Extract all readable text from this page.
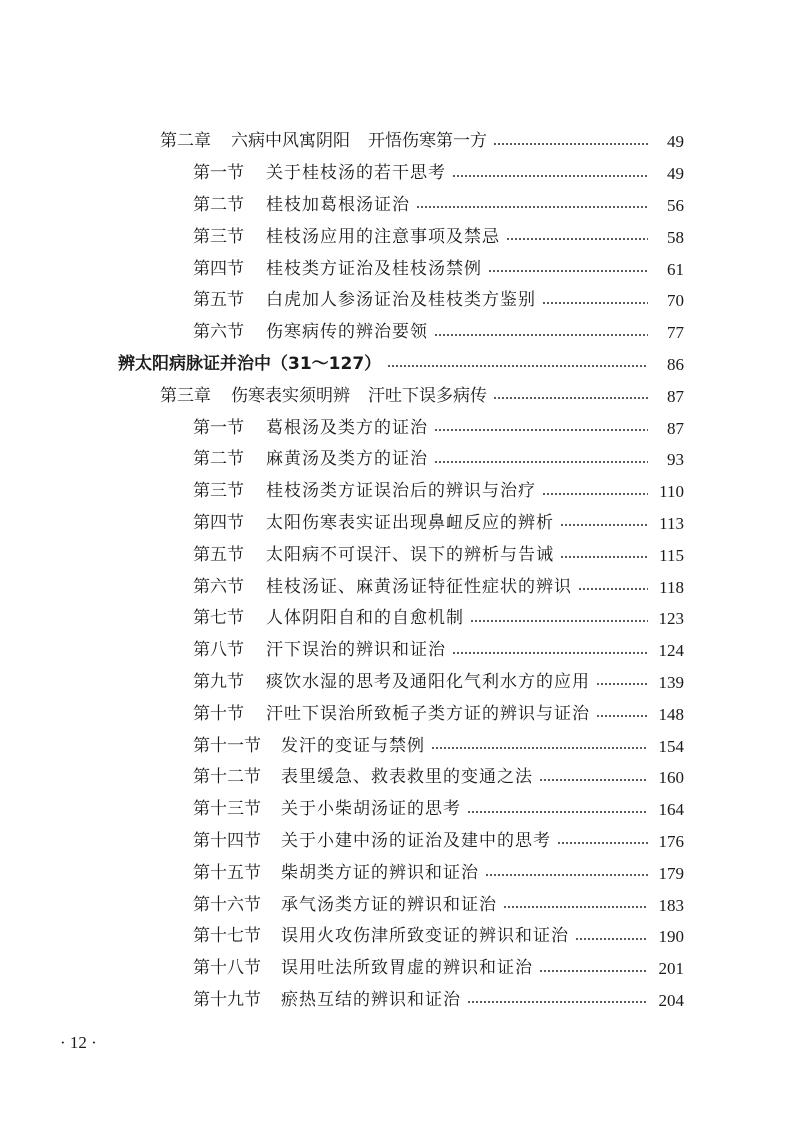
第二章 六病中风寓阴阳 开悟伤寒第一方	49
第一节 关于桂枝汤的若干思考	49
第二节 桂枝加葛根汤证治	56
第三节 桂枝汤应用的注意事项及禁忌	58
第四节 桂枝类方证治及桂枝汤禁例	61
第五节 白虎加人参汤证治及桂枝类方鉴别	70
第六节 伤寒病传的辨治要领	77
辨太阳病脉证并治中 （31～127）	86
第三章 伤寒表实须明辨 汗吐下误多病传	87
第一节 葛根汤及类方的证治	87
第二节 麻黄汤及类方的证治	93
第三节 桂枝汤类方证误治后的辨识与治疗	110
第四节 太阳伤寒表实证出现鼻衄反应的辨析	113
第五节 太阳病不可误汗、误下的辨析与告诫	115
第六节 桂枝汤证、麻黄汤证特征性症状的辨识	118
第七节 人体阴阳自和的自愈机制	123
第八节 汗下误治的辨识和证治	124
第九节 痰饮水湿的思考及通阳化气利水方的应用	139
第十节 汗吐下误治所致栀子类方证的辨识与证治	148
第十一节 发汗的变证与禁例	154
第十二节 表里缓急、救表救里的变通之法	160
第十三节 关于小柴胡汤证的思考	164
第十四节 关于小建中汤的证治及建中的思考	176
第十五节 柴胡类方证的辨识和证治	179
第十六节 承气汤类方证的辨识和证治	183
第十七节 误用火攻伤津所致变证的辨识和证治	190
第十八节 误用吐法所致胃虚的辨识和证治	201
第十九节 瘀热互结的辨识和证治	204
· 12 ·
